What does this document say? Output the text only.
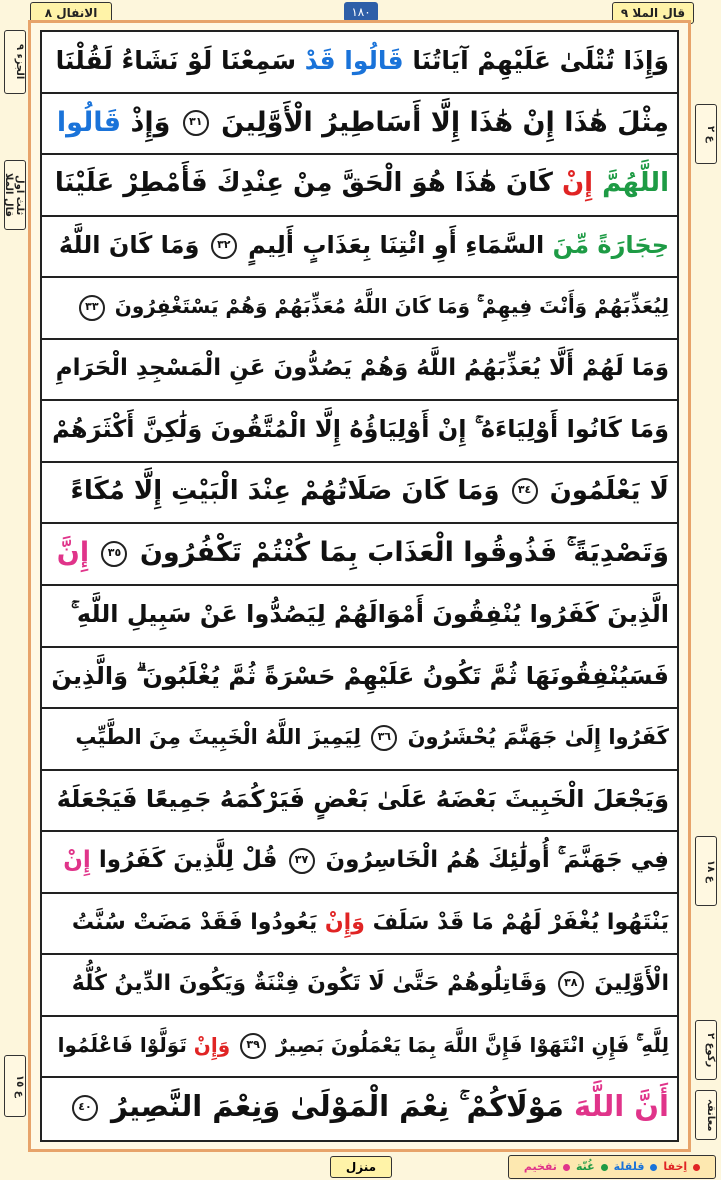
الانفال ٨	١٨٠	قال الملا ٩
الجزء ٩
ثلث اول قال الملا
ع ١٥
ع ٢
ع ١٨
رکوع ٢
معانقہ
وَإِذَا تُتْلَىٰ عَلَيْهِمْ آيَاتُنَا قَالُوا قَدْ سَمِعْنَا لَوْ نَشَاءُ لَقُلْنَا
مِثْلَ هَٰذَا إِنْ هَٰذَا إِلَّا أَسَاطِيرُ الْأَوَّلِينَ ٣١ وَإِذْ قَالُوا
اللَّهُمَّ إِنْ كَانَ هَٰذَا هُوَ الْحَقَّ مِنْ عِنْدِكَ فَأَمْطِرْ عَلَيْنَا
حِجَارَةً مِّنَ السَّمَاءِ أَوِ ائْتِنَا بِعَذَابٍ أَلِيمٍ ٣٢ وَمَا كَانَ اللَّهُ
لِيُعَذِّبَهُمْ وَأَنْتَ فِيهِمْ ۚ وَمَا كَانَ اللَّهُ مُعَذِّبَهُمْ وَهُمْ يَسْتَغْفِرُونَ ٣٣
وَمَا لَهُمْ أَلَّا يُعَذِّبَهُمُ اللَّهُ وَهُمْ يَصُدُّونَ عَنِ الْمَسْجِدِ الْحَرَامِ
وَمَا كَانُوا أَوْلِيَاءَهُ ۚ إِنْ أَوْلِيَاؤُهُ إِلَّا الْمُتَّقُونَ وَلَٰكِنَّ أَكْثَرَهُمْ
لَا يَعْلَمُونَ ٣٤ وَمَا كَانَ صَلَاتُهُمْ عِنْدَ الْبَيْتِ إِلَّا مُكَاءً
وَتَصْدِيَةً ۚ فَذُوقُوا الْعَذَابَ بِمَا كُنْتُمْ تَكْفُرُونَ ٣٥ إِنَّ
الَّذِينَ كَفَرُوا يُنْفِقُونَ أَمْوَالَهُمْ لِيَصُدُّوا عَنْ سَبِيلِ اللَّهِ ۚ
فَسَيُنْفِقُونَهَا ثُمَّ تَكُونُ عَلَيْهِمْ حَسْرَةً ثُمَّ يُغْلَبُونَ ۗ وَالَّذِينَ
كَفَرُوا إِلَىٰ جَهَنَّمَ يُحْشَرُونَ ٣٦ لِيَمِيزَ اللَّهُ الْخَبِيثَ مِنَ الطَّيِّبِ
وَيَجْعَلَ الْخَبِيثَ بَعْضَهُ عَلَىٰ بَعْضٍ فَيَرْكُمَهُ جَمِيعًا فَيَجْعَلَهُ
فِي جَهَنَّمَ ۚ أُولَٰئِكَ هُمُ الْخَاسِرُونَ ٣٧ قُلْ لِلَّذِينَ كَفَرُوا إِنْ
يَنْتَهُوا يُغْفَرْ لَهُمْ مَا قَدْ سَلَفَ وَإِنْ يَعُودُوا فَقَدْ مَضَتْ سُنَّتُ
الْأَوَّلِينَ ٣٨ وَقَاتِلُوهُمْ حَتَّىٰ لَا تَكُونَ فِتْنَةٌ وَيَكُونَ الدِّينُ كُلُّهُ
لِلَّهِ ۚ فَإِنِ انْتَهَوْا فَإِنَّ اللَّهَ بِمَا يَعْمَلُونَ بَصِيرٌ ٣٩ وَإِنْ تَوَلَّوْا فَاعْلَمُوا
أَنَّ اللَّهَ مَوْلَاكُمْ ۚ نِعْمَ الْمَوْلَىٰ وَنِعْمَ النَّصِيرُ ٤٠
منزل	اِخفاقلقلةغُنّةتفخیم
